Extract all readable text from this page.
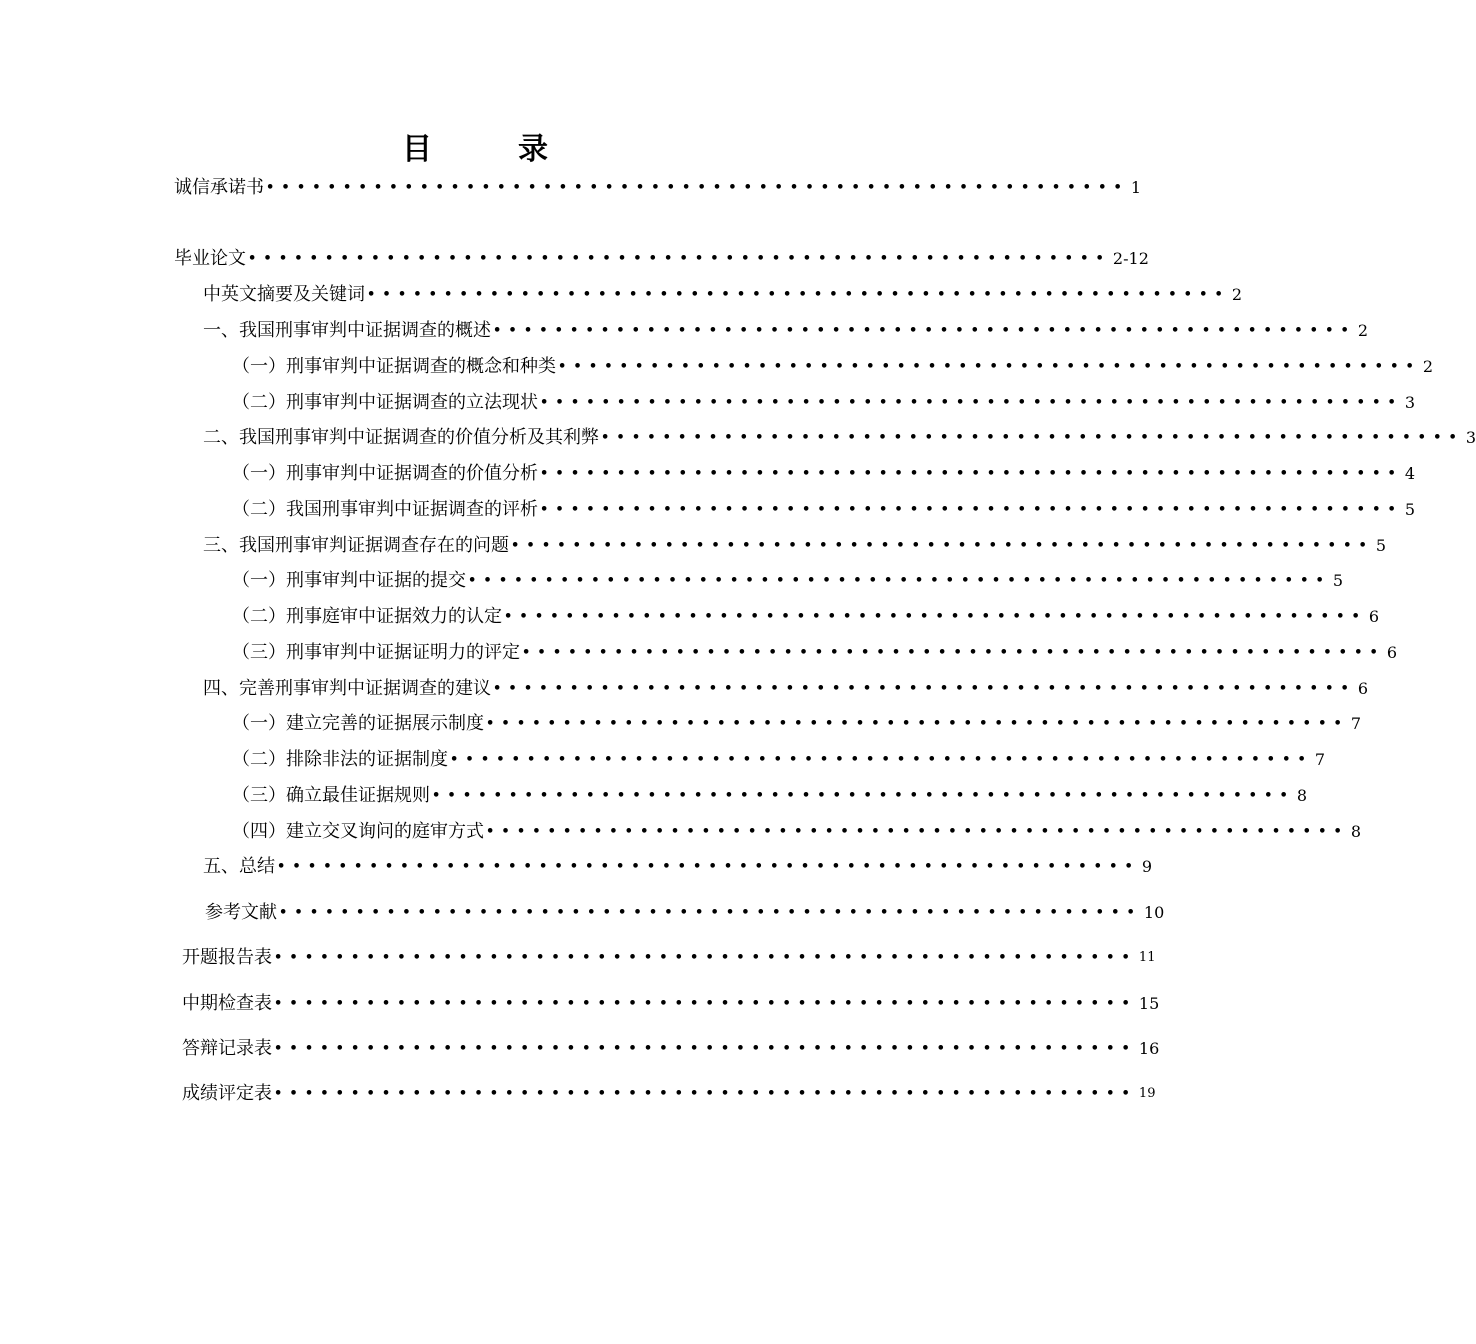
目　录
诚信承诺书 •••••••••••••••••••••••••••••••••••••••••••••••••••••••• 1
毕业论文 •••••••••••••••••••••••••••••••••••••••••••••••••••••••• 2-12
中英文摘要及关键词 •••••••••••••••••••••••••••••••••••••••••••••••••••••••• 2
一、我国刑事审判中证据调查的概述 •••••••••••••••••••••••••••••••••••••••••••••••••••••••• 2
（一）刑事审判中证据调查的概念和种类 •••••••••••••••••••••••••••••••••••••••••••••••••••••••• 2
（二）刑事审判中证据调查的立法现状 •••••••••••••••••••••••••••••••••••••••••••••••••••••••• 3
二、我国刑事审判中证据调查的价值分析及其利弊 •••••••••••••••••••••••••••••••••••••••••••••••••••••••• 3
（一）刑事审判中证据调查的价值分析 •••••••••••••••••••••••••••••••••••••••••••••••••••••••• 4
（二）我国刑事审判中证据调查的评析 •••••••••••••••••••••••••••••••••••••••••••••••••••••••• 5
三、我国刑事审判证据调查存在的问题 •••••••••••••••••••••••••••••••••••••••••••••••••••••••• 5
（一）刑事审判中证据的提交 •••••••••••••••••••••••••••••••••••••••••••••••••••••••• 5
（二）刑事庭审中证据效力的认定 •••••••••••••••••••••••••••••••••••••••••••••••••••••••• 6
（三）刑事审判中证据证明力的评定 •••••••••••••••••••••••••••••••••••••••••••••••••••••••• 6
四、完善刑事审判中证据调查的建议 •••••••••••••••••••••••••••••••••••••••••••••••••••••••• 6
（一）建立完善的证据展示制度 •••••••••••••••••••••••••••••••••••••••••••••••••••••••• 7
（二）排除非法的证据制度 •••••••••••••••••••••••••••••••••••••••••••••••••••••••• 7
（三）确立最佳证据规则 •••••••••••••••••••••••••••••••••••••••••••••••••••••••• 8
（四）建立交叉询问的庭审方式 •••••••••••••••••••••••••••••••••••••••••••••••••••••••• 8
五、总结 •••••••••••••••••••••••••••••••••••••••••••••••••••••••• 9
参考文献 •••••••••••••••••••••••••••••••••••••••••••••••••••••••• 10
开题报告表 •••••••••••••••••••••••••••••••••••••••••••••••••••••••• 11
中期检查表 •••••••••••••••••••••••••••••••••••••••••••••••••••••••• 15
答辩记录表 •••••••••••••••••••••••••••••••••••••••••••••••••••••••• 16
成绩评定表 •••••••••••••••••••••••••••••••••••••••••••••••••••••••• 19
